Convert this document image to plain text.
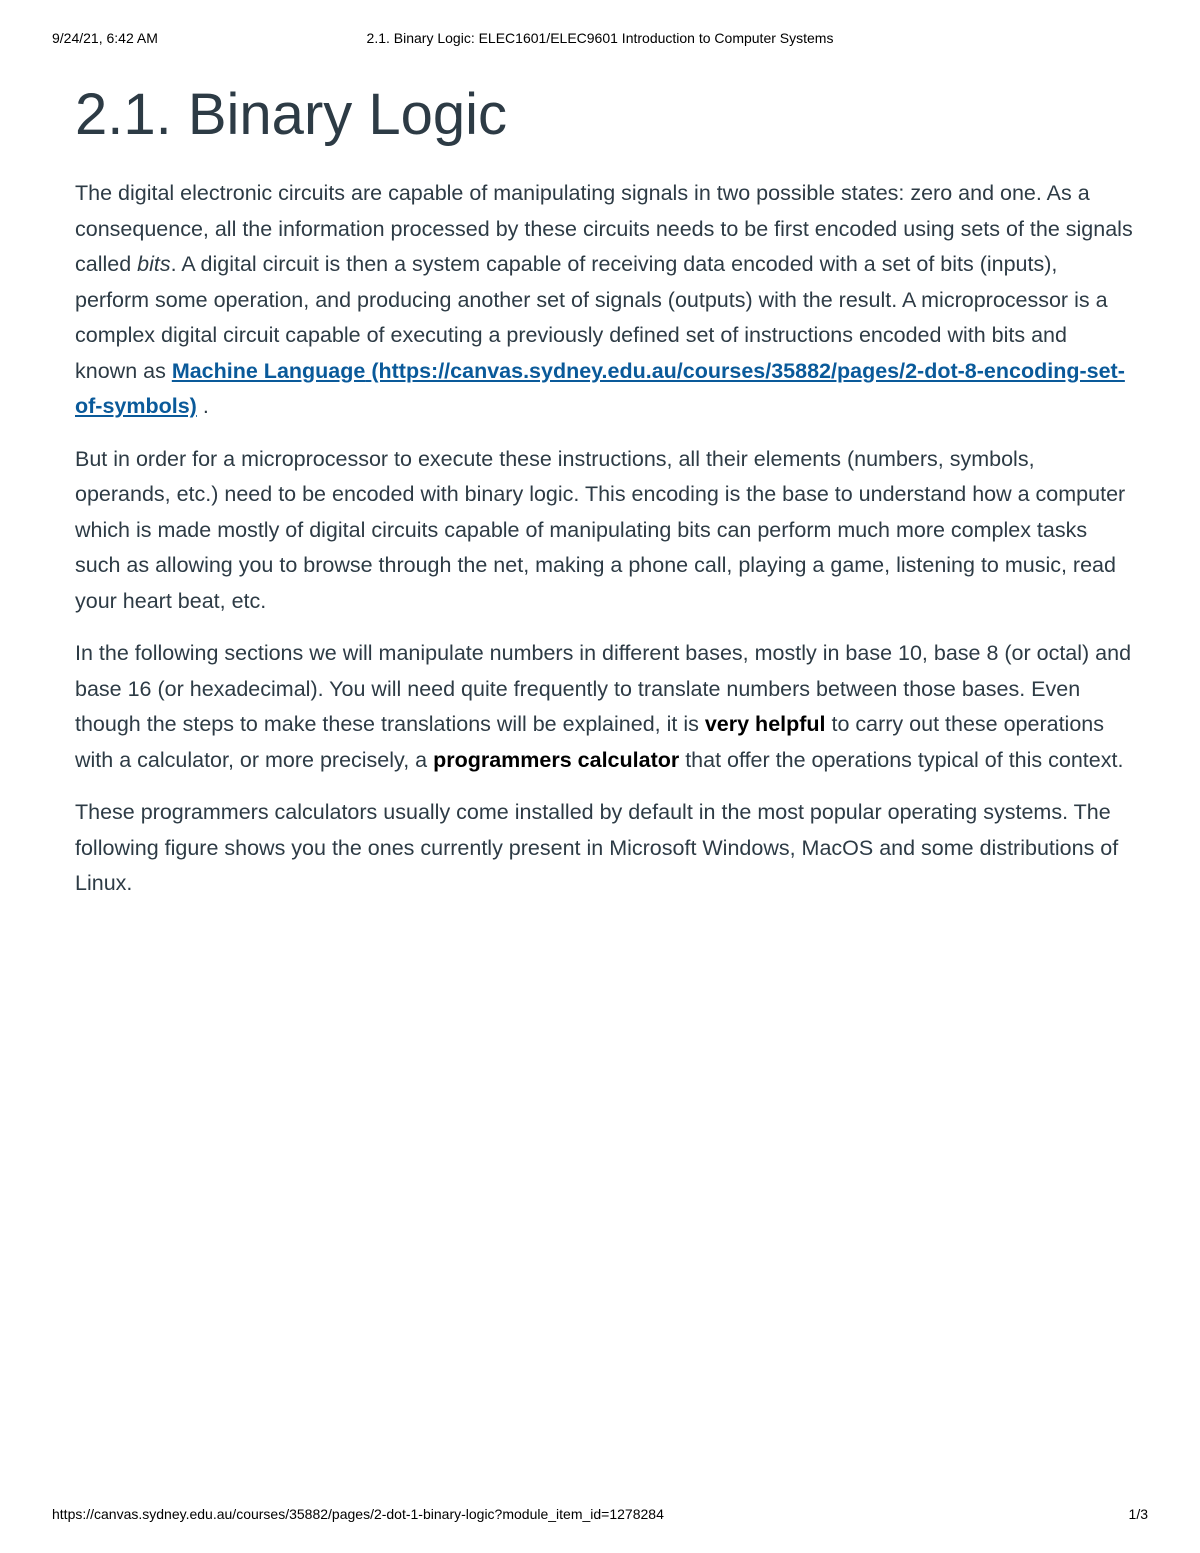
9/24/21, 6:42 AM	2.1. Binary Logic: ELEC1601/ELEC9601 Introduction to Computer Systems
2.1. Binary Logic

The digital electronic circuits are capable of manipulating signals in two possible states: zero and one. As a consequence, all the information processed by these circuits needs to be first encoded using sets of the signals called bits. A digital circuit is then a system capable of receiving data encoded with a set of bits (inputs), perform some operation, and producing another set of signals (outputs) with the result. A microprocessor is a complex digital circuit capable of executing a previously defined set of instructions encoded with bits and known as Machine Language (https://canvas.sydney.edu.au/courses/35882/pages/2-dot-8-encoding-set-of-symbols) .

But in order for a microprocessor to execute these instructions, all their elements (numbers, symbols, operands, etc.) need to be encoded with binary logic. This encoding is the base to understand how a computer which is made mostly of digital circuits capable of manipulating bits can perform much more complex tasks such as allowing you to browse through the net, making a phone call, playing a game, listening to music, read your heart beat, etc.

In the following sections we will manipulate numbers in different bases, mostly in base 10, base 8 (or octal) and base 16 (or hexadecimal). You will need quite frequently to translate numbers between those bases. Even though the steps to make these translations will be explained, it is very helpful to carry out these operations with a calculator, or more precisely, a programmers calculator that offer the operations typical of this context.

These programmers calculators usually come installed by default in the most popular operating systems. The following figure shows you the ones currently present in Microsoft Windows, MacOS and some distributions of Linux.

https://canvas.sydney.edu.au/courses/35882/pages/2-dot-1-binary-logic?module_item_id=1278284	1/3
